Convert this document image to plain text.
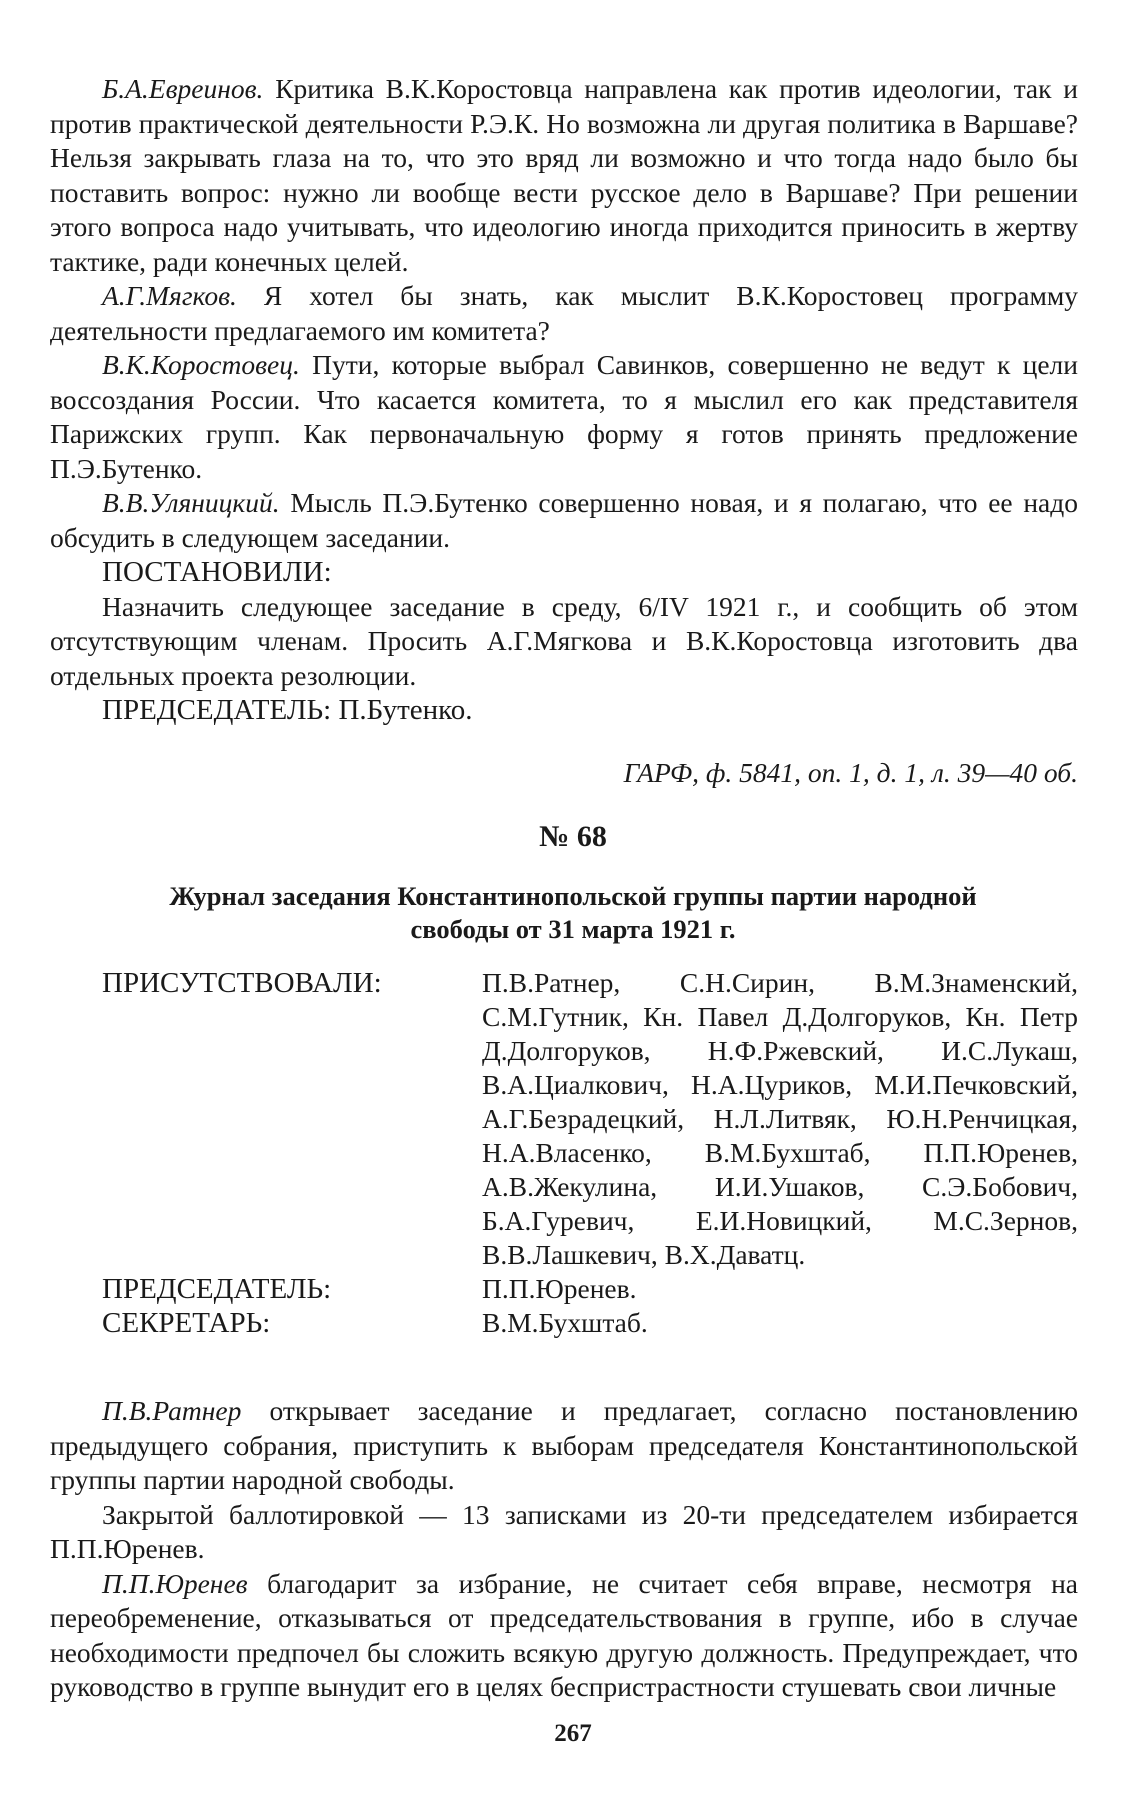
Б.А.Евреинов. Критика В.К.Коростовца направлена как против идеологии, так и против практической деятельности Р.Э.К. Но возможна ли другая политика в Варшаве? Нельзя закрывать глаза на то, что это вряд ли возможно и что тогда надо было бы поставить вопрос: нужно ли вообще вести русское дело в Варшаве? При решении этого вопроса надо учитывать, что идеологию иногда приходится приносить в жертву тактике, ради конечных целей.

А.Г.Мягков. Я хотел бы знать, как мыслит В.К.Коростовец программу деятельности предлагаемого им комитета?

В.К.Коростовец. Пути, которые выбрал Савинков, совершенно не ведут к цели воссоздания России. Что касается комитета, то я мыслил его как представителя Парижских групп. Как первоначальную форму я готов принять предложение П.Э.Бутенко.

В.В.Уляницкий. Мысль П.Э.Бутенко совершенно новая, и я полагаю, что ее надо обсудить в следующем заседании.

ПОСТАНОВИЛИ:
Назначить следующее заседание в среду, 6/IV 1921 г., и сообщить об этом отсутствующим членам. Просить А.Г.Мягкова и В.К.Коростовца изготовить два отдельных проекта резолюции.
ПРЕДСЕДАТЕЛЬ: П.Бутенко.
ГАРФ, ф. 5841, оп. 1, д. 1, л. 39—40 об.
№ 68
Журнал заседания Константинопольской группы партии народной
свободы от 31 марта 1921 г.
ПРИСУТСТВОВАЛИ:	П.В.Ратнер, С.Н.Сирин, В.М.Знаменский, С.М.Гутник, Кн. Павел Д.Долгоруков, Кн. Петр Д.Долгоруков, Н.Ф.Ржевский, И.С.Лукаш, В.А.Циалкович, Н.А.Цуриков, М.И.Печковский, А.Г.Безрадецкий, Н.Л.Литвяк, Ю.Н.Ренчицкая, Н.А.Власенко, В.М.Бухштаб, П.П.Юренев, А.В.Жекулина, И.И.Ушаков, С.Э.Бобович, Б.А.Гуревич, Е.И.Новицкий, М.С.Зернов, В.В.Лашкевич, В.Х.Даватц.
ПРЕДСЕДАТЕЛЬ:	П.П.Юренев.
СЕКРЕТАРЬ:	В.М.Бухштаб.

П.В.Ратнер открывает заседание и предлагает, согласно постановлению предыдущего собрания, приступить к выборам председателя Константинопольской группы партии народной свободы.

Закрытой баллотировкой — 13 записками из 20-ти председателем избирается П.П.Юренев.

П.П.Юренев благодарит за избрание, не считает себя вправе, несмотря на переобременение, отказываться от председательствования в группе, ибо в случае необходимости предпочел бы сложить всякую другую должность. Предупреждает, что руководство в группе вынудит его в целях беспристрастности стушевать свои личные

267
